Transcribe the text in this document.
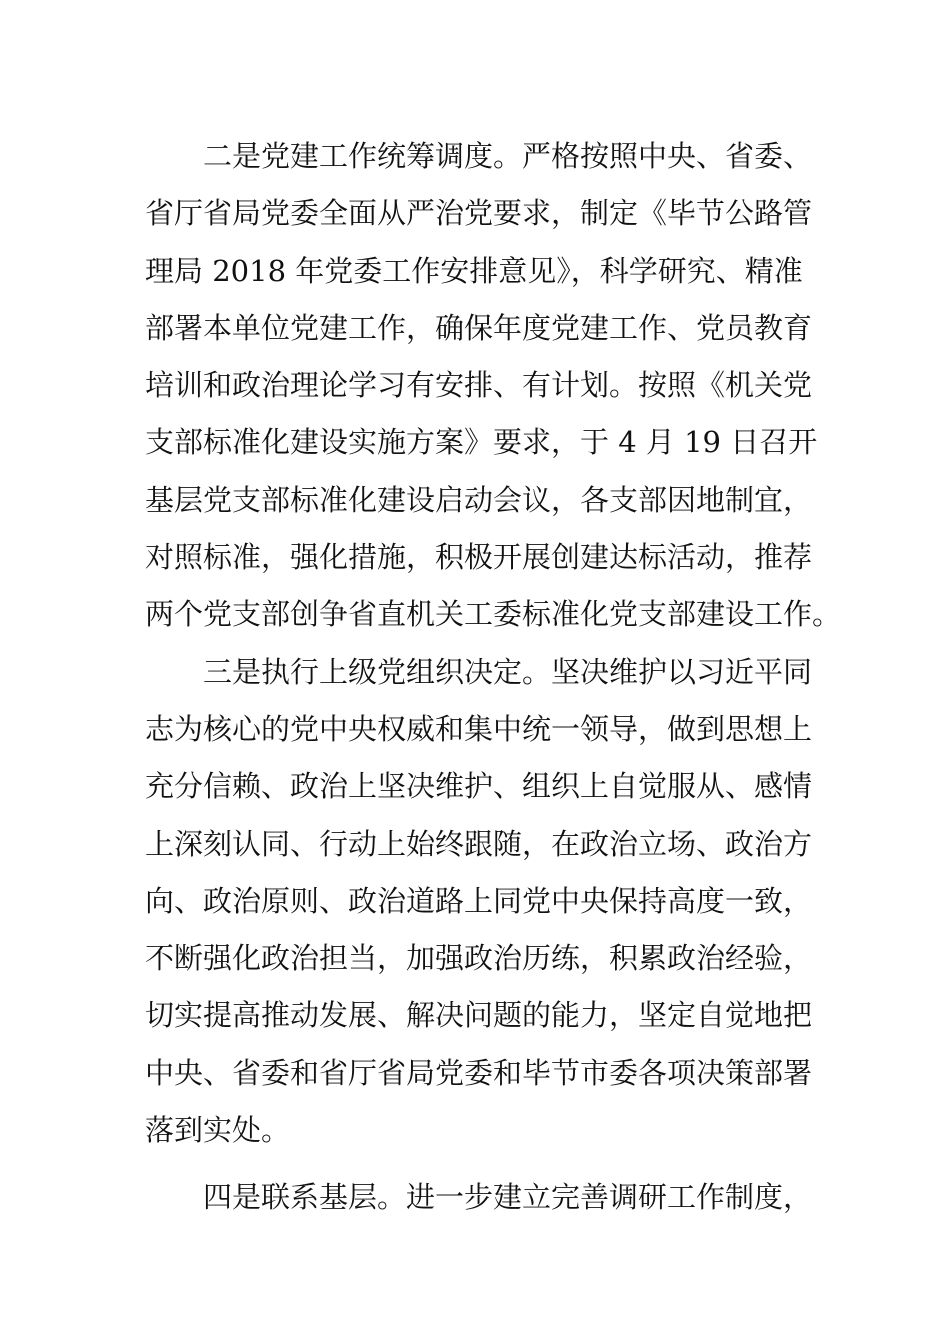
二是党建工作统筹调度。严格按照中央、省委、
省厅省局党委全面从严治党要求，制定《毕节公路管
理局 2018 年党委工作安排意见》，科学研究、精准
部署本单位党建工作，确保年度党建工作、党员教育
培训和政治理论学习有安排、有计划。按照《机关党
支部标准化建设实施方案》要求，于 4 月 19 日召开
基层党支部标准化建设启动会议，各支部因地制宜，
对照标准，强化措施，积极开展创建达标活动，推荐
两个党支部创争省直机关工委标准化党支部建设工作。
三是执行上级党组织决定。坚决维护以习近平同
志为核心的党中央权威和集中统一领导，做到思想上
充分信赖、政治上坚决维护、组织上自觉服从、感情
上深刻认同、行动上始终跟随，在政治立场、政治方
向、政治原则、政治道路上同党中央保持高度一致，
不断强化政治担当，加强政治历练，积累政治经验，
切实提高推动发展、解决问题的能力，坚定自觉地把
中央、省委和省厅省局党委和毕节市委各项决策部署
落到实处。
四是联系基层。进一步建立完善调研工作制度，
